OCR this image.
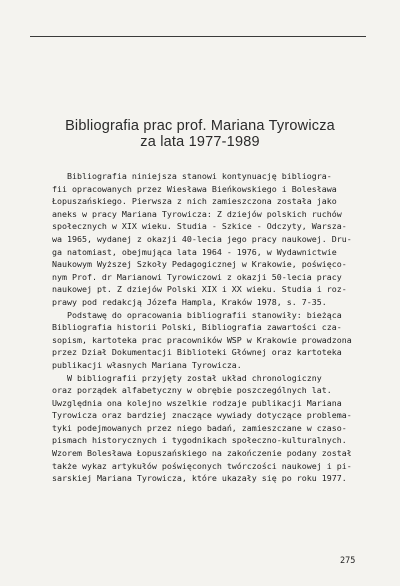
Bibliografia prac prof. Mariana Tyrowicza
za lata 1977-1989
Bibliografia niniejsza stanowi kontynuację bibliogra-
fii opracowanych przez Wiesława Bieńkowskiego i Bolesława
Łopuszańskiego. Pierwsza z nich zamieszczona została jako
aneks w pracy Mariana Tyrowicza: Z dziejów polskich ruchów
społecznych w XIX wieku. Studia - Szkice - Odczyty, Warsza-
wa 1965, wydanej z okazji 40-lecia jego pracy naukowej. Dru-
ga natomiast, obejmująca lata 1964 - 1976, w Wydawnictwie
Naukowym Wyższej Szkoły Pedagogicznej w Krakowie, poświęco-
nym Prof. dr Marianowi Tyrowiczowi z okazji 50-lecia pracy
naukowej pt. Z dziejów Polski XIX i XX wieku. Studia i roz-
prawy pod redakcją Józefa Hampla, Kraków 1978, s. 7-35.
Podstawę do opracowania bibliografii stanowiły: bieżąca
Bibliografia historii Polski, Bibliografia zawartości cza-
sopism, kartoteka prac pracowników WSP w Krakowie prowadzona
przez Dział Dokumentacji Biblioteki Głównej oraz kartoteka
publikacji własnych Mariana Tyrowicza.
W bibliografii przyjęty został układ chronologiczny
oraz porządek alfabetyczny w obrębie poszczególnych lat.
Uwzględnia ona kolejno wszelkie rodzaje publikacji Mariana
Tyrowicza oraz bardziej znaczące wywiady dotyczące problema-
tyki podejmowanych przez niego badań, zamieszczane w czaso-
pismach historycznych i tygodnikach społeczno-kulturalnych.
Wzorem Bolesława Łopuszańskiego na zakończenie podany został
także wykaz artykułów poświęconych twórczości naukowej i pi-
sarskiej Mariana Tyrowicza, które ukazały się po roku 1977.
275
